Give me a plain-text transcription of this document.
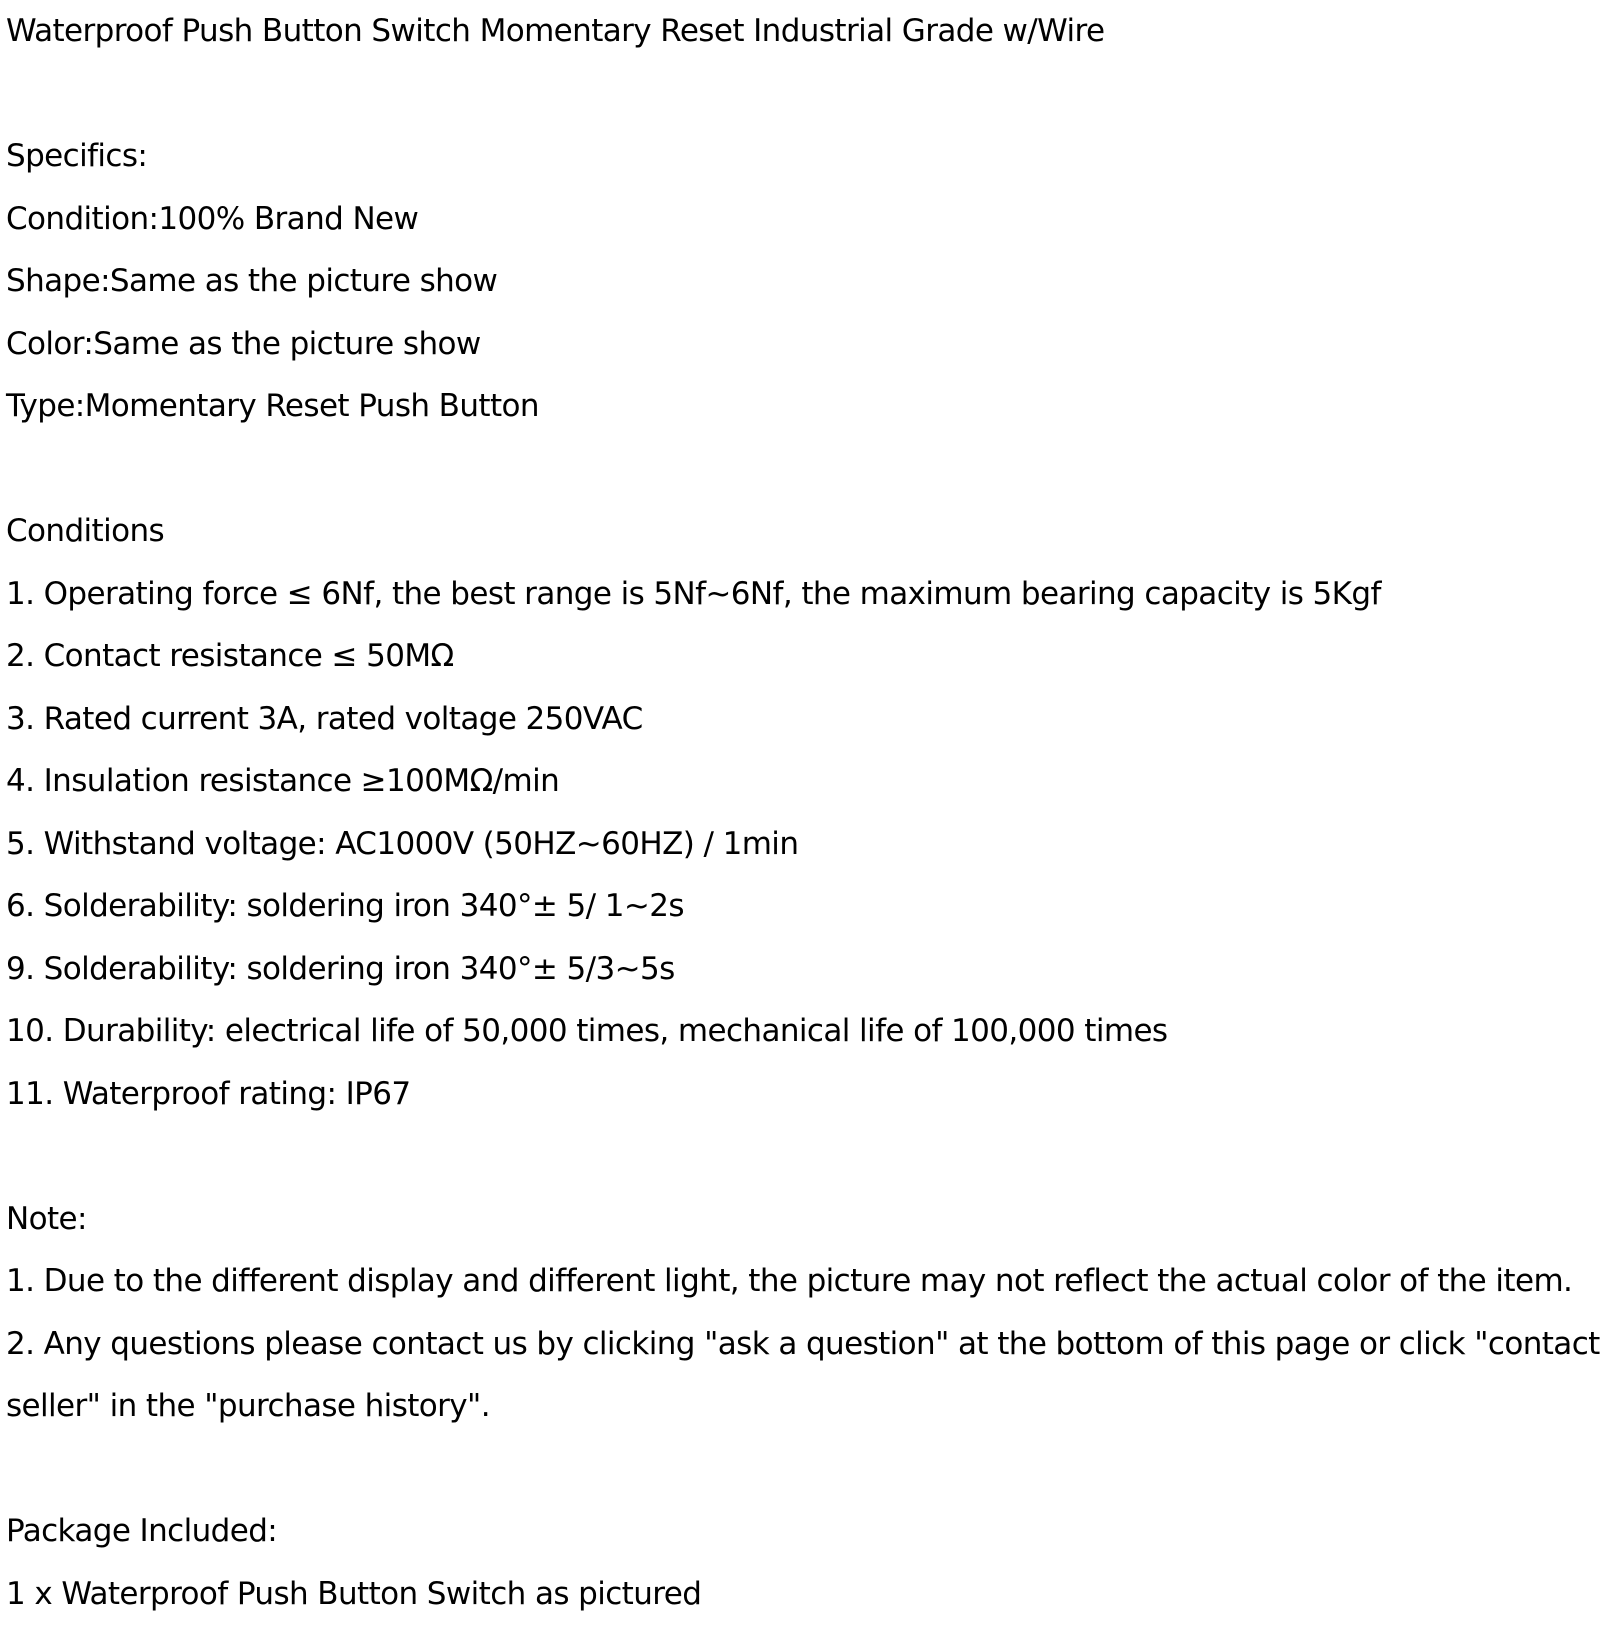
Waterproof Push Button Switch Momentary Reset Industrial Grade w/Wire
Specifics:
Condition:100% Brand New
Shape:Same as the picture show
Color:Same as the picture show
Type:Momentary Reset Push Button
Conditions
1. Operating force ≤ 6Nf, the best range is 5Nf~6Nf, the maximum bearing capacity is 5Kgf
2. Contact resistance ≤ 50MΩ
3. Rated current 3A, rated voltage 250VAC
4. Insulation resistance ≥100MΩ/min
5. Withstand voltage: AC1000V (50HZ~60HZ) / 1min
6. Solderability: soldering iron 340°± 5/ 1~2s
9. Solderability: soldering iron 340°± 5/3~5s
10. Durability: electrical life of 50,000 times, mechanical life of 100,000 times
11. Waterproof rating: IP67
Note:
1. Due to the different display and different light, the picture may not reflect the actual color of the item.
2. Any questions please contact us by clicking "ask a question" at the bottom of this page or click "contact
seller" in the "purchase history".
Package Included:
1 x Waterproof Push Button Switch as pictured
